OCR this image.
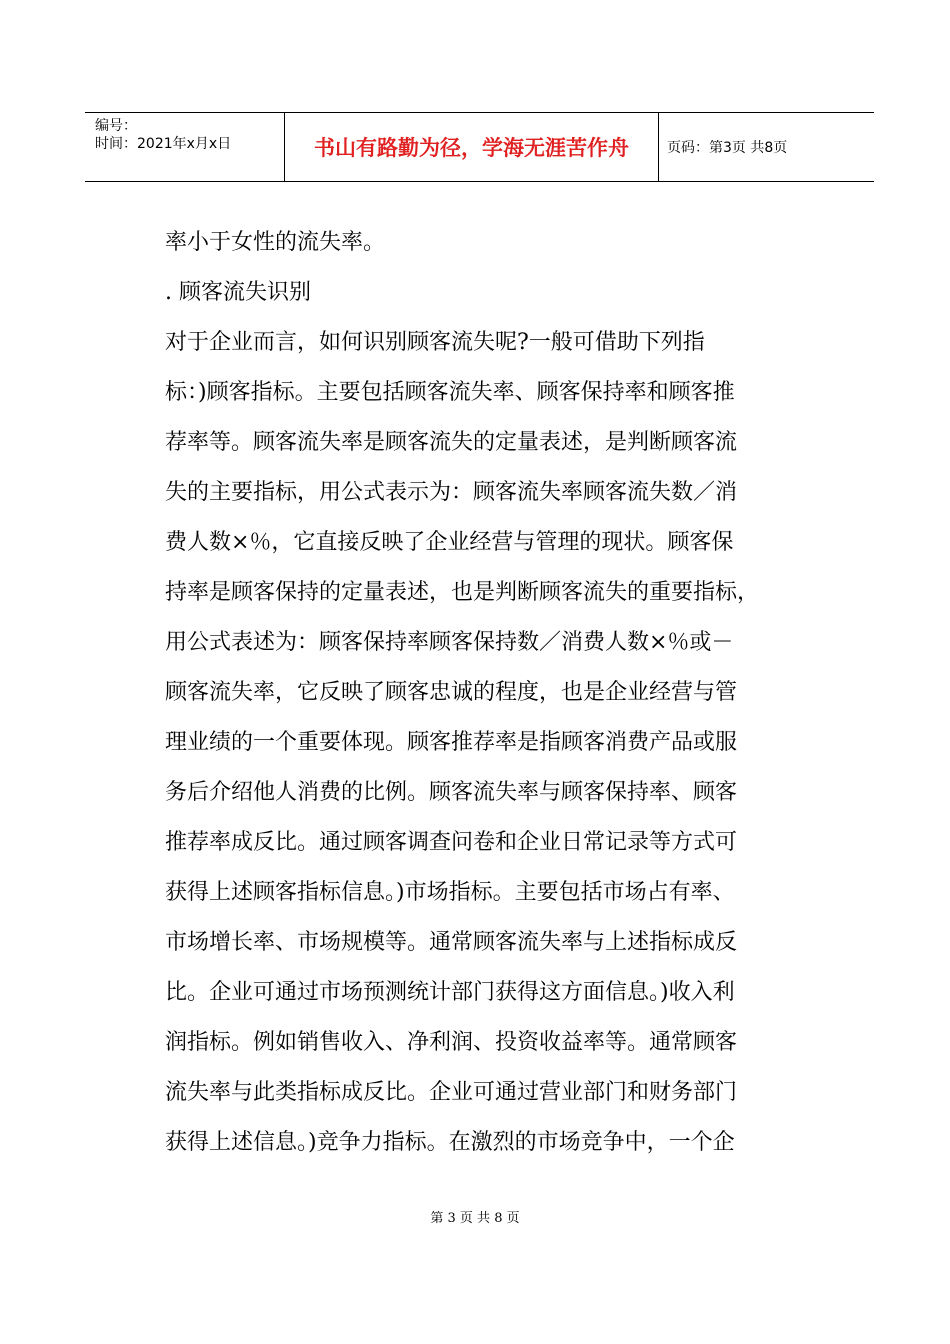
编号：
时间：2021年x月x日	书山有路勤为径，学海无涯苦作舟	页码：第3页 共8页

率小于女性的流失率。

. 顾客流失识别

对于企业而言，如何识别顾客流失呢?一般可借助下列指

标：)顾客指标。主要包括顾客流失率、顾客保持率和顾客推

荐率等。顾客流失率是顾客流失的定量表述，是判断顾客流

失的主要指标，用公式表示为：顾客流失率顾客流失数／消

费人数×％，它直接反映了企业经营与管理的现状。顾客保

持率是顾客保持的定量表述，也是判断顾客流失的重要指标，

用公式表述为：顾客保持率顾客保持数／消费人数×％或－

顾客流失率，它反映了顾客忠诚的程度，也是企业经营与管

理业绩的一个重要体现。顾客推荐率是指顾客消费产品或服

务后介绍他人消费的比例。顾客流失率与顾客保持率、顾客

推荐率成反比。通过顾客调查问卷和企业日常记录等方式可

获得上述顾客指标信息。)市场指标。主要包括市场占有率、

市场增长率、市场规模等。通常顾客流失率与上述指标成反

比。企业可通过市场预测统计部门获得这方面信息。)收入利

润指标。例如销售收入、净利润、投资收益率等。通常顾客

流失率与此类指标成反比。企业可通过营业部门和财务部门

获得上述信息。)竞争力指标。在激烈的市场竞争中，一个企

第 3 页 共 8 页
